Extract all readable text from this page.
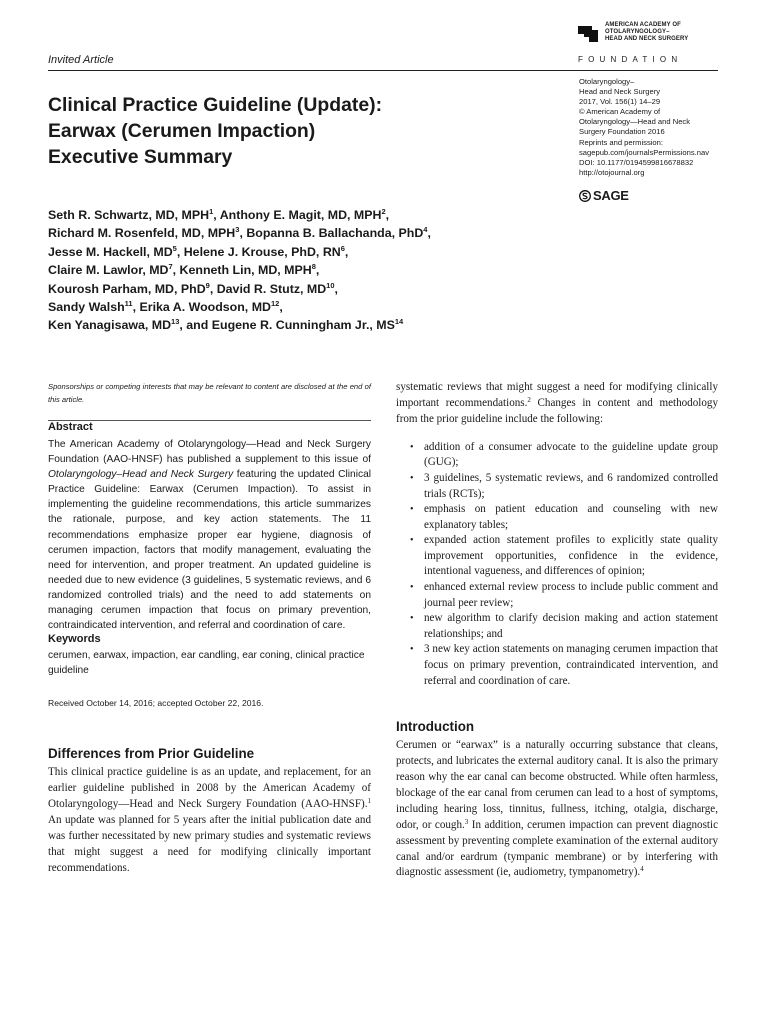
Invited Article
AMERICAN ACADEMY OF
OTOLARYNGOLOGY–
HEAD AND NECK SURGERY
FOUNDATION
Otolaryngology–
Head and Neck Surgery
2017, Vol. 156(1) 14–29
© American Academy of
Otolaryngology—Head and Neck
Surgery Foundation 2016
Reprints and permission:
sagepub.com/journalsPermissions.nav
DOI: 10.1177/0194599816678832
http://otojournal.org
SAGE
Clinical Practice Guideline (Update):
Earwax (Cerumen Impaction)
Executive Summary
Seth R. Schwartz, MD, MPH$^1$, Anthony E. Magit, MD, MPH$^2$,
Richard M. Rosenfeld, MD, MPH$^3$, Bopanna B. Ballachanda, PhD$^4$,
Jesse M. Hackell, $MD^5$, Helene J. Krouse, PhD, $RN^6$,
Claire M. Lawlor, $MD^7$, Kenneth Lin, MD, MPH$^8$,
Kourosh Parham, MD, PhD$^9$, David R. Stutz, MD$^{10}$,
Sandy Walsh$^{11}$, Erika A. Woodson, MD$^{12}$,
Ken Yanagisawa, MD$^{13}$, and Eugene R. Cunningham Jr., MS$^{14}$
Sponsorships or competing interests that may be relevant to content are disclosed at the end of this article.
Abstract
The American Academy of Otolaryngology—Head and Neck Surgery Foundation (AAO-HNSF) has published a supplement to this issue of Otolaryngology–Head and Neck Surgery featuring the updated Clinical Practice Guideline: Earwax (Cerumen Impaction). To assist in implementing the guideline recommendations, this article summarizes the rationale, purpose, and key action statements. The 11 recommendations emphasize proper ear hygiene, diagnosis of cerumen impaction, factors that modify management, evaluating the need for intervention, and proper treatment. An updated guideline is needed due to new evidence (3 guidelines, 5 systematic reviews, and 6 randomized controlled trials) and the need to add statements on managing cerumen impaction that focus on primary prevention, contraindicated intervention, and referral and coordination of care.
Keywords
cerumen, earwax, impaction, ear candling, ear coning, clinical practice guideline
Received October 14, 2016; accepted October 22, 2016.
Differences from Prior Guideline
This clinical practice guideline is as an update, and replacement, for an earlier guideline published in 2008 by the American Academy of Otolaryngology—Head and Neck Surgery Foundation (AAO-HNSF).$^1$ An update was planned for 5 years after the initial publication date and was further necessitated by new primary studies and systematic reviews that might suggest a need for modifying clinically important recommendations.
systematic reviews that might suggest a need for modifying clinically important recommendations.$^2$ Changes in content and methodology from the prior guideline include the following:
• addition of a consumer advocate to the guideline update group (GUG);
• 3 guidelines, 5 systematic reviews, and 6 randomized controlled trials (RCTs);
• emphasis on patient education and counseling with new explanatory tables;
• expanded action statement profiles to explicitly state quality improvement opportunities, confidence in the evidence, intentional vagueness, and differences of opinion;
• enhanced external review process to include public comment and journal peer review;
• new algorithm to clarify decision making and action statement relationships; and
• 3 new key action statements on managing cerumen impaction that focus on primary prevention, contraindicated intervention, and referral and coordination of care.
Introduction
Cerumen or “earwax” is a naturally occurring substance that cleans, protects, and lubricates the external auditory canal. It is also the primary reason why the ear canal can become obstructed. While often harmless, blockage of the ear canal from cerumen can lead to a host of symptoms, including hearing loss, tinnitus, fullness, itching, otalgia, discharge, odor, or cough.$^3$ In addition, cerumen impaction can prevent diagnostic assessment by preventing complete examination of the external auditory canal and/or eardrum (tympanic membrane) or by interfering with diagnostic assessment (ie, audiometry, tympanometry).$^4$
